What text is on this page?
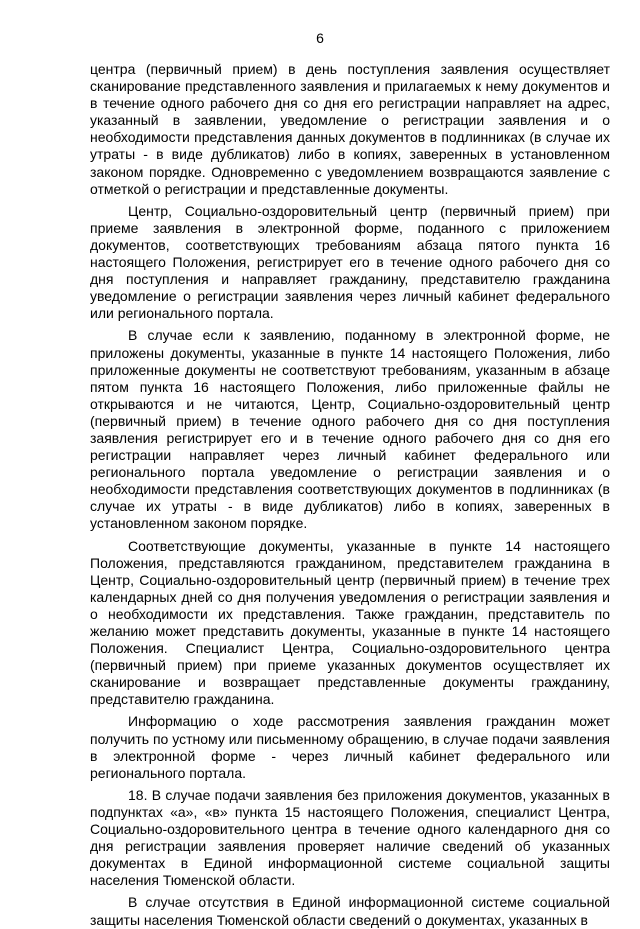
6

центра (первичный прием) в день поступления заявления осуществляет сканирование представленного заявления и прилагаемых к нему документов и в течение одного рабочего дня со дня его регистрации направляет на адрес, указанный в заявлении, уведомление о регистрации заявления и о необходимости представления данных документов в подлинниках (в случае их утраты - в виде дубликатов) либо в копиях, заверенных в установленном законом порядке. Одновременно с уведомлением возвращаются заявление с отметкой о регистрации и представленные документы.

Центр, Социально-оздоровительный центр (первичный прием) при приеме заявления в электронной форме, поданного с приложением документов, соответствующих требованиям абзаца пятого пункта 16 настоящего Положения, регистрирует его в течение одного рабочего дня со дня поступления и направляет гражданину, представителю гражданина уведомление о регистрации заявления через личный кабинет федерального или регионального портала.

В случае если к заявлению, поданному в электронной форме, не приложены документы, указанные в пункте 14 настоящего Положения, либо приложенные документы не соответствуют требованиям, указанным в абзаце пятом пункта 16 настоящего Положения, либо приложенные файлы не открываются и не читаются, Центр, Социально-оздоровительный центр (первичный прием) в течение одного рабочего дня со дня поступления заявления регистрирует его и в течение одного рабочего дня со дня его регистрации направляет через личный кабинет федерального или регионального портала уведомление о регистрации заявления и о необходимости представления соответствующих документов в подлинниках (в случае их утраты - в виде дубликатов) либо в копиях, заверенных в установленном законом порядке.

Соответствующие документы, указанные в пункте 14 настоящего Положения, представляются гражданином, представителем гражданина в Центр, Социально-оздоровительный центр (первичный прием) в течение трех календарных дней со дня получения уведомления о регистрации заявления и о необходимости их представления. Также гражданин, представитель по желанию может представить документы, указанные в пункте 14 настоящего Положения. Специалист Центра, Социально-оздоровительного центра (первичный прием) при приеме указанных документов осуществляет их сканирование и возвращает представленные документы гражданину, представителю гражданина.

Информацию о ходе рассмотрения заявления гражданин может получить по устному или письменному обращению, в случае подачи заявления в электронной форме - через личный кабинет федерального или регионального портала.

18. В случае подачи заявления без приложения документов, указанных в подпунктах «а», «в» пункта 15 настоящего Положения, специалист Центра, Социально-оздоровительного центра в течение одного календарного дня со дня регистрации заявления проверяет наличие сведений об указанных документах в Единой информационной системе социальной защиты населения Тюменской области.

В случае отсутствия в Единой информационной системе социальной защиты населения Тюменской области сведений о документах, указанных в
